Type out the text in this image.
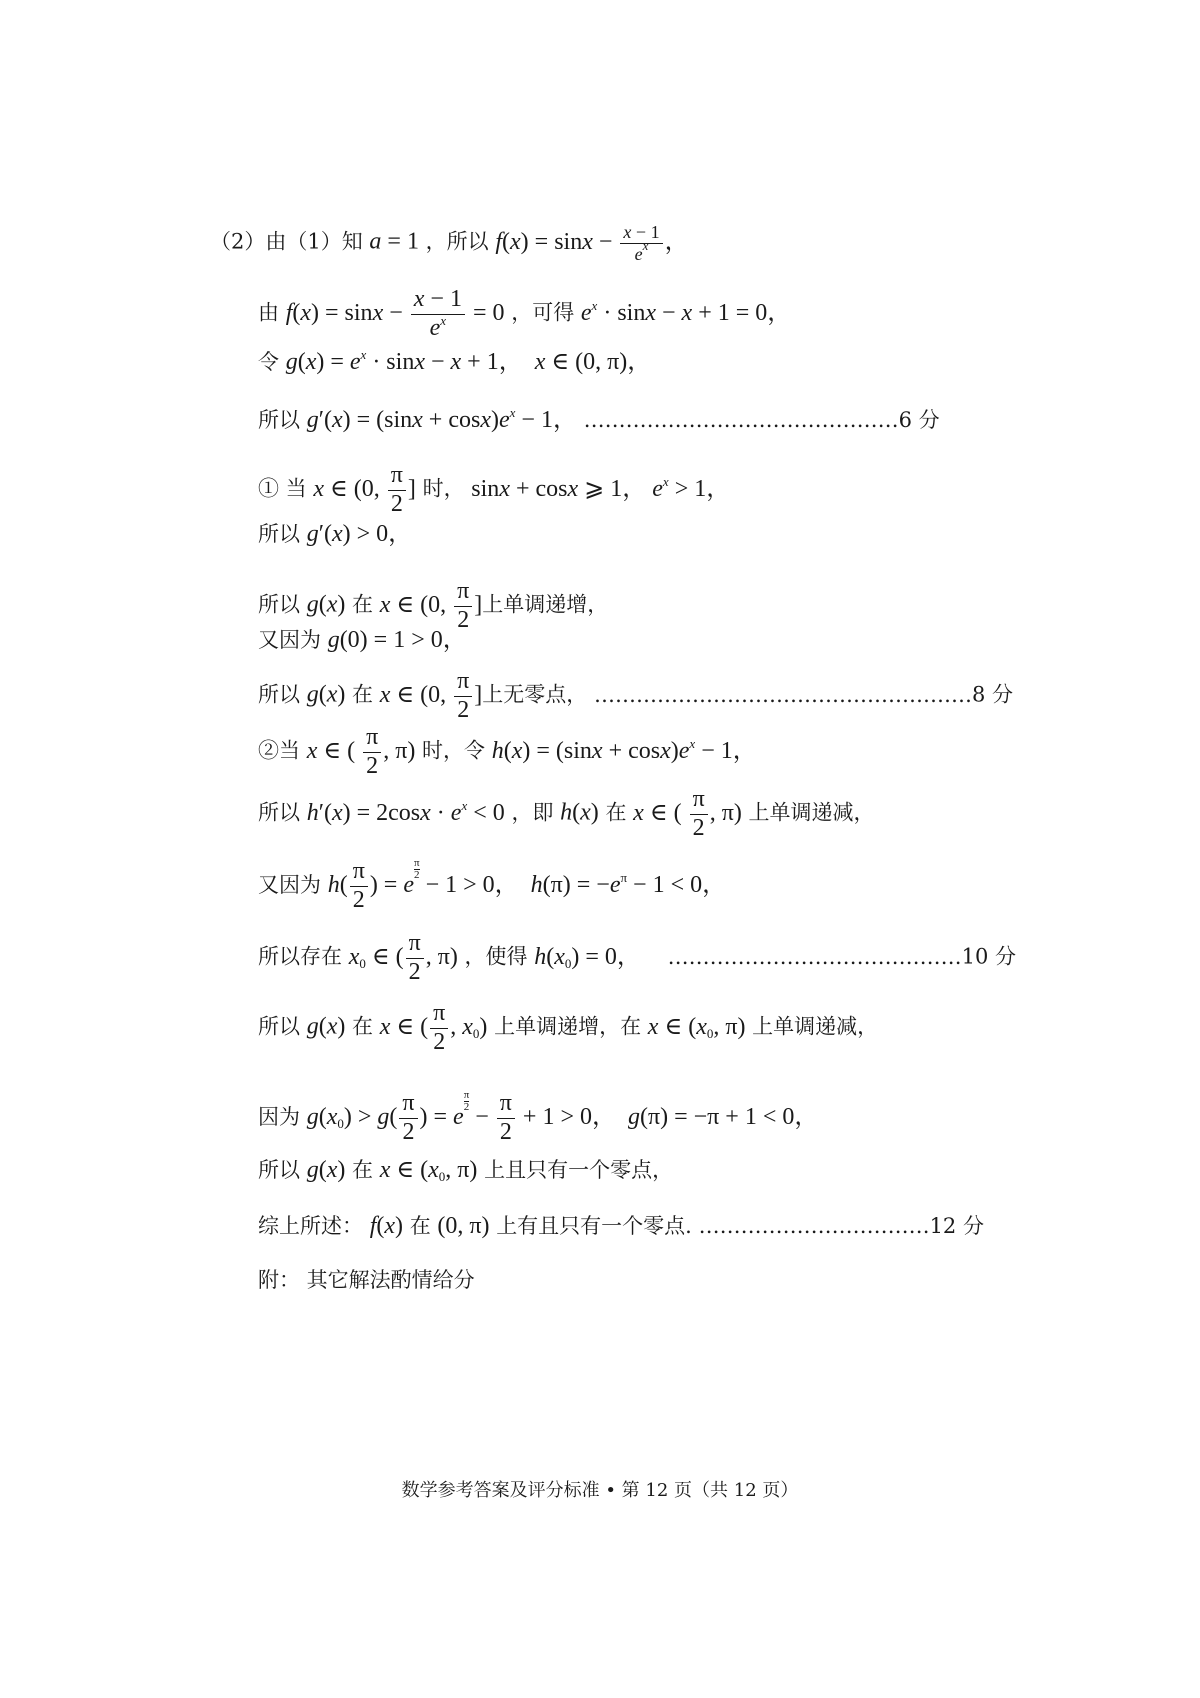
（2）由（1）知 a = 1 ，所以 $f(x) = \sin x - \frac{x - 1}{e^x}$ ，
由 $f(x) = \sin x - \frac{x - 1}{e^x} = 0$ ，可得 $e^x \cdot \sin x - x + 1 = 0$，
令 $g(x) = e^x \cdot \sin x - x + 1$，  x ∈ (0, π)，
所以 $g'(x) = (\sin x + \cos x)e^x - 1$， ………………………………………6 分
① 当 x ∈ (0, $\frac{\pi}{2}$ ] 时， sinx + cosx ⩾ 1， $e^x > 1$，
所以 g′(x) > 0，
所以 g(x) 在 x ∈ (0, $\frac{\pi}{2}$ ]上单调递增，
又因为 g(0) = 1 > 0，
所以 g(x) 在 x ∈ (0, $\frac{\pi}{2}$ ]上无零点， ………………………………………………8 分
②当 x ∈ ( $\frac{\pi}{2}$ , π) 时，令 $h(x) = (\sin x + \cos x)e^x - 1$，
所以 $h'(x) = 2\cos x \cdot e^x < 0$ ，即 h(x) 在 x ∈ ( $\frac{\pi}{2}$ , π) 上单调递减，
又因为 $h( \frac{\pi}{2}$ ) = e
$\frac{\pi}{2}$
− 1 > 0，  $h(\pi) = -e^\pi - 1 < 0$，
所以存在 $x_0$ ∈ ( $\frac{\pi}{2}$ , π) ，使得 $h(x_0) = 0$， ……………………………………10 分
所以 g(x) 在 x ∈ ( $\frac{\pi}{2}$ , $x_0$) 上单调递增，在 x ∈ ($x_0$, π) 上单调递减，
因为 $g(x_0) > g( \frac{\pi}{2}$ ) = e
$\frac{\pi}{2}$
− $\frac{\pi}{2} + 1 > 0$，  g(π) = −π + 1 < 0，
所以 g(x) 在 x ∈ ($x_0$, π) 上且只有一个零点，
综上所述： f(x) 在 (0, π) 上有且只有一个零点. ……………………………12 分
附： 其它解法酌情给分
数学参考答案及评分标准 • 第 12 页（共 12 页）
